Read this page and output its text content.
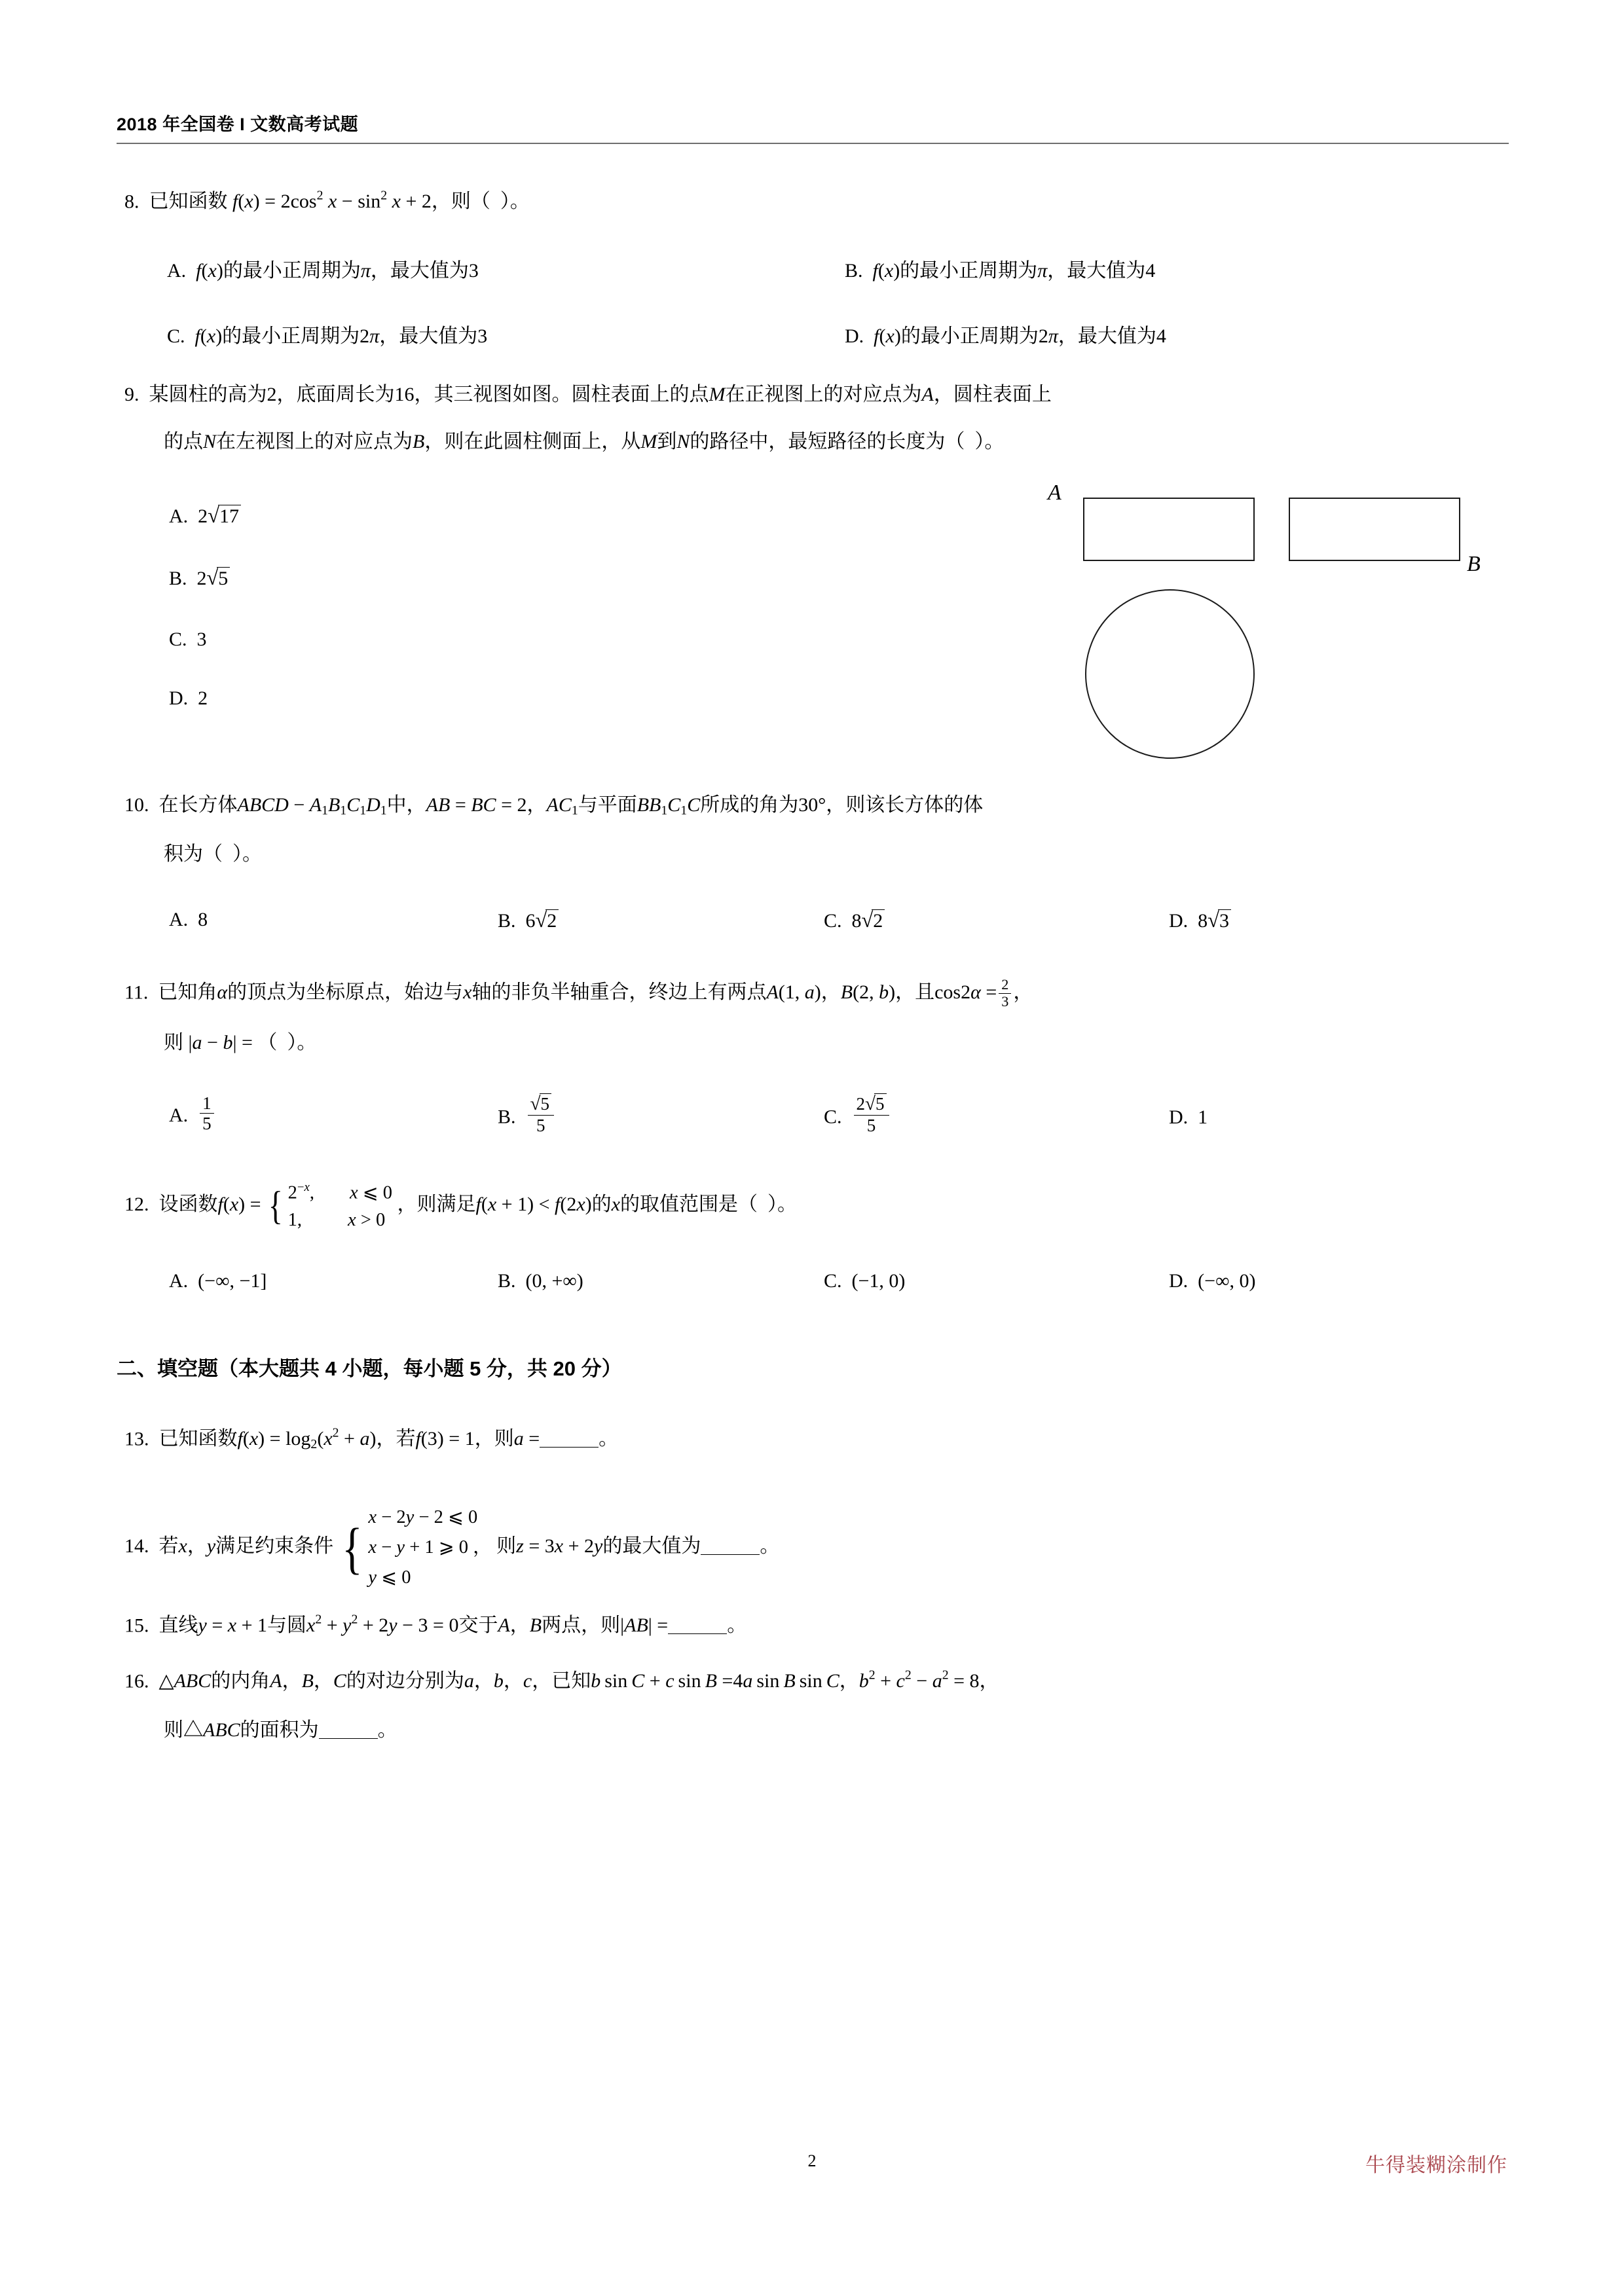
2018 年全国卷 I 文数高考试题
8.  已知函数 $f(x) = 2\cos^2$ $x - \sin^2 x + 2$，则（  ）。
A. f(x)的最小正周期为π，最大值为3	B. f(x)的最小正周期为π，最大值为4
C. f(x)的最小正周期为2π，最大值为3	D. f(x)的最小正周期为2π，最大值为4
9.  某圆柱的高为2，底面周长为16，其三视图如图。圆柱表面上的点M在正视图上的对应点为A，圆柱表面上
的点N在左视图上的对应点为B，则在此圆柱侧面上，从M到N的路径中，最短路径的长度为（  ）。
A.  2√17
B.  2√5
C.  3
D.  2
A
B
10.  在长方体ABCD − $A_1B_1C_1D_1$中，AB = BC = 2，$AC_1$与平面$BB_1C_1C$所成的角为30°，则该长方体的体
积为（  ）。
A.  8	B.  6√2	C.  8√2	D.  8√3
11.  已知角α的顶点为坐标原点，始边与x轴的非负半轴重合，终边上有两点A(1, a)，B(2, b)，且$\cos 2\alpha = \frac{2}{3}$ ，
则 |a − b| = （  ）。
A. $\frac{1}{5}$	B. $\frac{√5}{5}$	C. $\frac{2√5}{5}$	D.  1
12.  设函数f(x) = { $2^{-x}$, x ⩽ 0
1, x > 0
，则满足f(x + 1) < f(2x)的x的取值范围是（  ）。
A.  (−∞, −1]	B.  (0, +∞)	C.  (−1, 0)	D.  (−∞, 0)
二、填空题（本大题共 4 小题，每小题 5 分，共 20 分）
13.  已知函数$f(x) = \log_2(x^2 + a)$，若f(3) = 1，则a =	。
14.  若x，y满足约束条件 { x − 2y − 2 ⩽ 0
x − y + 1 ⩾ 0 ，
y ⩽ 0
则z = 3x + 2y的最大值为	。
15.  直线y = x + 1与圆$x^2 + y^2 + 2y - 3 = 0$交于A，B两点，则|AB| =	。
16.  △ABC的内角A，B，C的对边分别为a，b，c，已知b sin C + c sin B =4a sin B sin C，$b^2 + c^2 - a^2 = 8$，
则△ABC的面积为	。
2	牛得装糊涂制作
